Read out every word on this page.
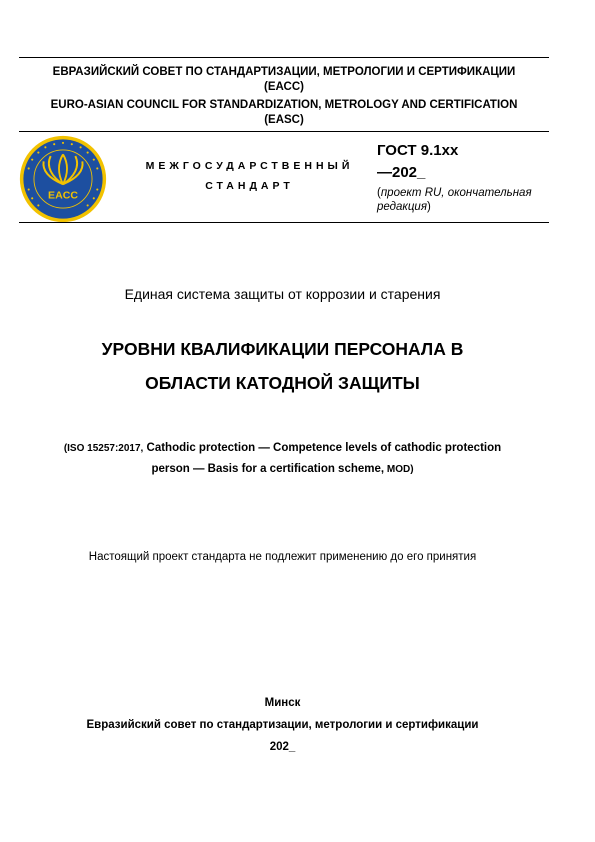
ЕВРАЗИЙСКИЙ СОВЕТ ПО СТАНДАРТИЗАЦИИ, МЕТРОЛОГИИ И СЕРТИФИКАЦИИ
(ЕАСС)
EURO-ASIAN COUNCIL FOR STANDARDIZATION, METROLOGY AND CERTIFICATION
(EASC)
EACC
МЕЖГОСУДАРСТВЕННЫЙ
СТАНДАРТ
ГОСТ 9.1хх
—202_
(проект RU, окончательная
редакция)
Единая система защиты от коррозии и старения
УРОВНИ КВАЛИФИКАЦИИ ПЕРСОНАЛА В
ОБЛАСТИ КАТОДНОЙ ЗАЩИТЫ
(ISO 15257:2017, Cathodic protection — Competence levels of cathodic protection
person — Basis for a certification scheme, MOD)
Настоящий проект стандарта не подлежит применению до его принятия
Минск
Евразийский совет по стандартизации, метрологии и сертификации
202_
